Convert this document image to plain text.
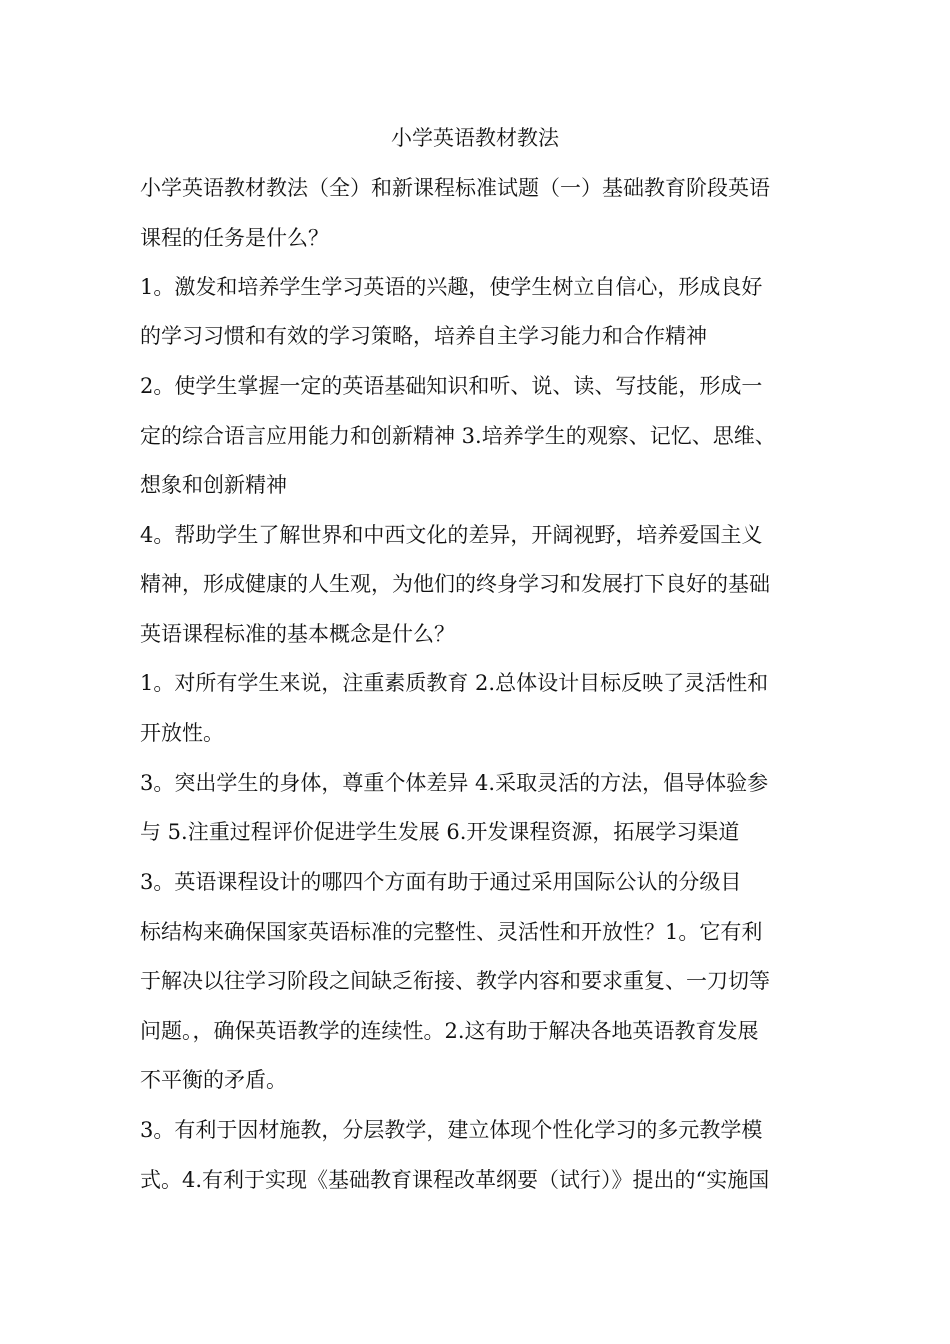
小学英语教材教法
小学英语教材教法（全）和新课程标准试题（一）基础教育阶段英语
课程的任务是什么？
1。激发和培养学生学习英语的兴趣，使学生树立自信心，形成良好
的学习习惯和有效的学习策略，培养自主学习能力和合作精神
2。使学生掌握一定的英语基础知识和听、说、读、写技能，形成一
定的综合语言应用能力和创新精神 3.培养学生的观察、记忆、思维、
想象和创新精神
4。帮助学生了解世界和中西文化的差异，开阔视野，培养爱国主义
精神，形成健康的人生观，为他们的终身学习和发展打下良好的基础
英语课程标准的基本概念是什么？
1。对所有学生来说，注重素质教育 2.总体设计目标反映了灵活性和
开放性。
3。突出学生的身体，尊重个体差异 4.采取灵活的方法，倡导体验参
与 5.注重过程评价促进学生发展 6.开发课程资源，拓展学习渠道
3。英语课程设计的哪四个方面有助于通过采用国际公认的分级目
标结构来确保国家英语标准的完整性、灵活性和开放性？1。它有利
于解决以往学习阶段之间缺乏衔接、教学内容和要求重复、一刀切等
问题。，确保英语教学的连续性。2.这有助于解决各地英语教育发展
不平衡的矛盾。
3。有利于因材施教，分层教学，建立体现个性化学习的多元教学模
式。4.有利于实现《基础教育课程改革纲要（试行）》提出的“实施国
